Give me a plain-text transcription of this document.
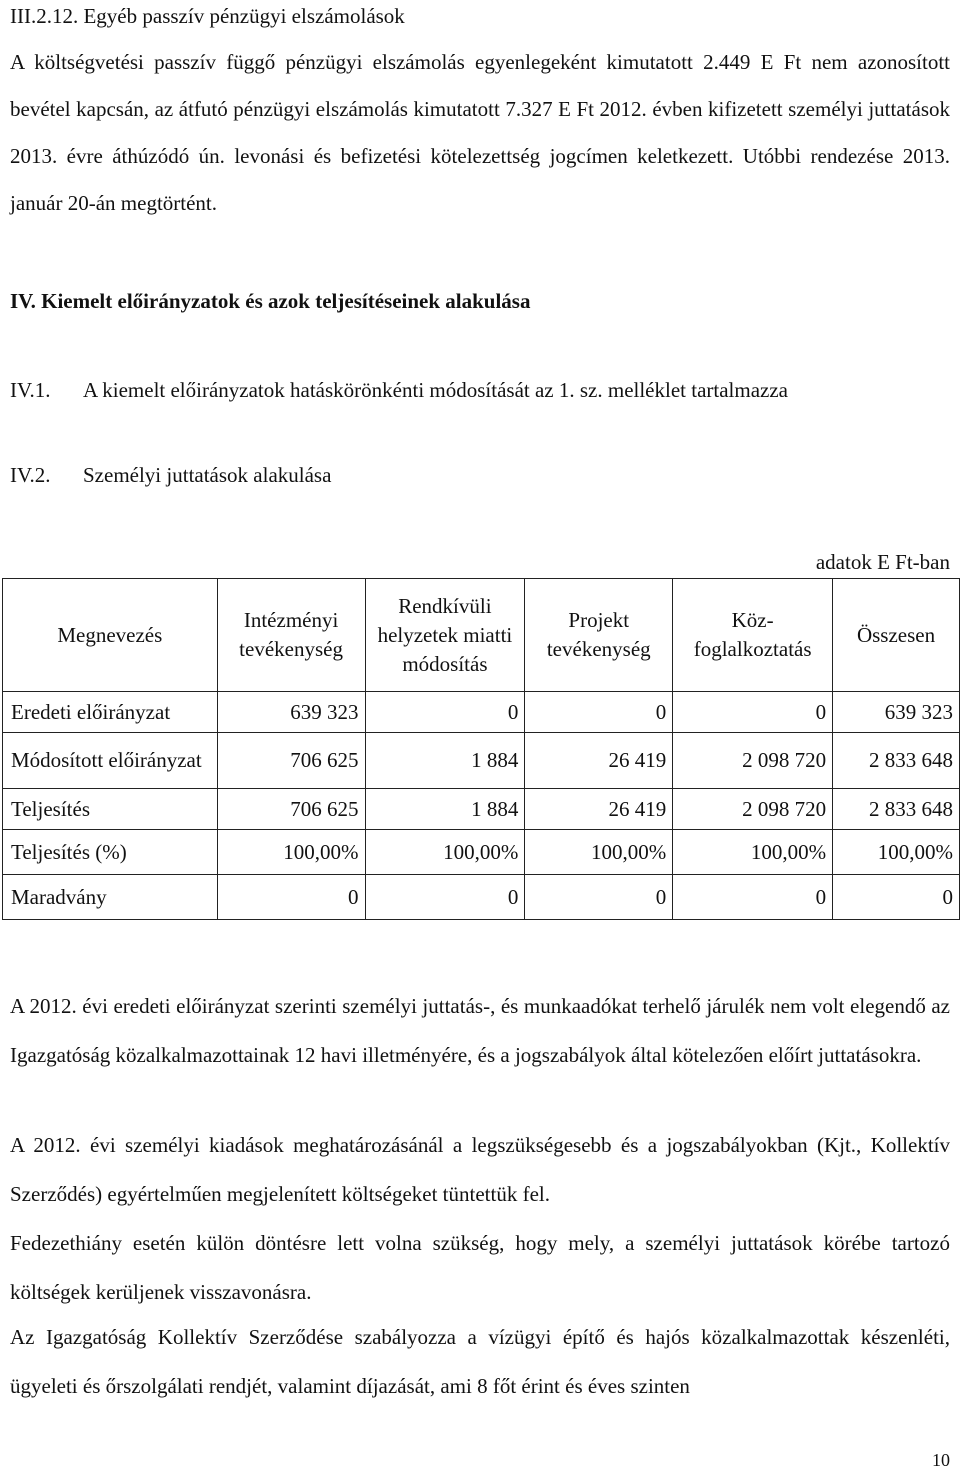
III.2.12. Egyéb passzív pénzügyi elszámolások
A költségvetési passzív függő pénzügyi elszámolás egyenlegeként kimutatott 2.449 E Ft nem azonosított bevétel kapcsán, az átfutó pénzügyi elszámolás kimutatott 7.327 E Ft 2012. évben kifizetett személyi juttatások 2013. évre áthúzódó ún. levonási és befizetési kötelezettség jogcímen keletkezett. Utóbbi rendezése 2013. január 20-án megtörtént.
IV. Kiemelt előirányzatok és azok teljesítéseinek alakulása
IV.1. A kiemelt előirányzatok hatáskörönkénti módosítását az 1. sz. melléklet tartalmazza
IV.2. Személyi juttatások alakulása
adatok E Ft-ban
Megnevezés	Intézményi tevékenység	Rendkívüli helyzetek miatti módosítás	Projekt tevékenység	Köz-foglalkoztatás	Összesen
Eredeti előirányzat	639 323	0	0	0	639 323
Módosított előirányzat	706 625	1 884	26 419	2 098 720	2 833 648
Teljesítés	706 625	1 884	26 419	2 098 720	2 833 648
Teljesítés (%)	100,00%	100,00%	100,00%	100,00%	100,00%
Maradvány	0	0	0	0	0
A 2012. évi eredeti előirányzat szerinti személyi juttatás-, és munkaadókat terhelő járulék nem volt elegendő az Igazgatóság közalkalmazottainak 12 havi illetményére, és a jogszabályok által kötelezően előírt juttatásokra.
A 2012. évi személyi kiadások meghatározásánál a legszükségesebb és a jogszabályokban (Kjt., Kollektív Szerződés) egyértelműen megjelenített költségeket tüntettük fel.
Fedezethiány esetén külön döntésre lett volna szükség, hogy mely, a személyi juttatások körébe tartozó költségek kerüljenek visszavonásra.
Az Igazgatóság Kollektív Szerződése szabályozza a vízügyi építő és hajós közalkalmazottak készenléti, ügyeleti és őrszolgálati rendjét, valamint díjazását, ami 8 főt érint és éves szinten
10
